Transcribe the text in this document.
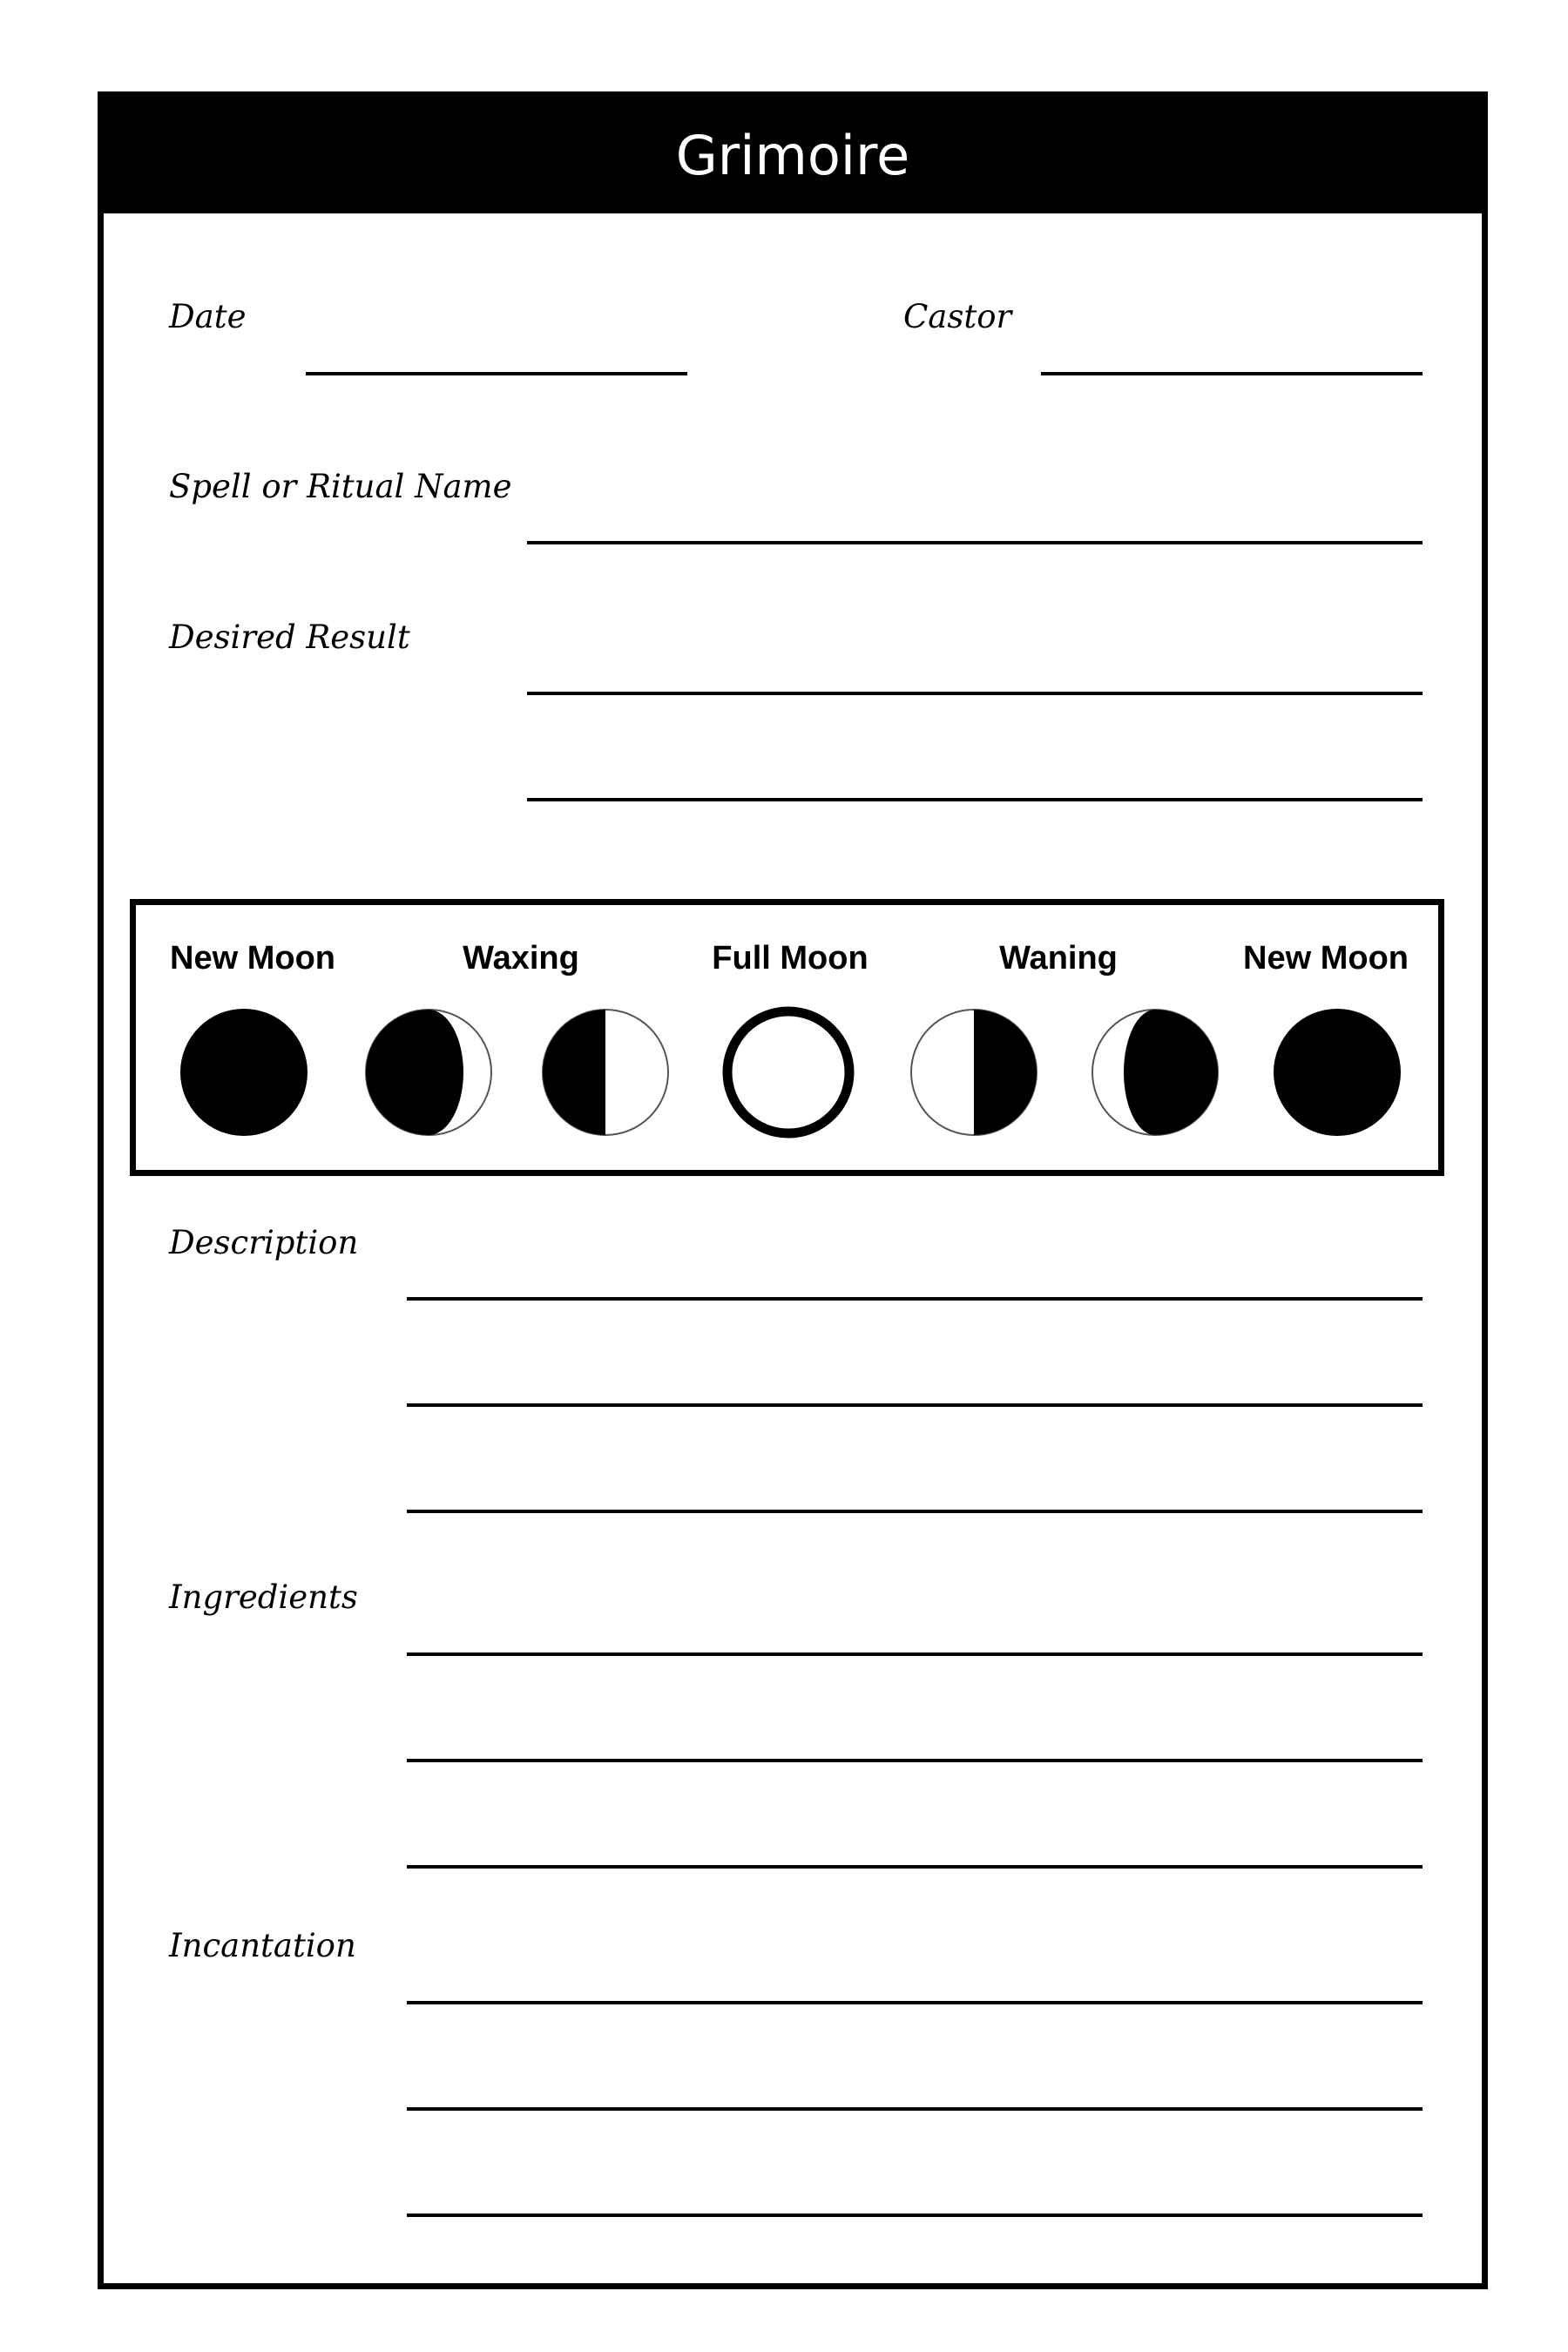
Grimoire

Date	Castor

Spell or Ritual Name

Desired Result

New Moon	Waxing	Full Moon	Waning	New Moon

Description

Ingredients

Incantation
